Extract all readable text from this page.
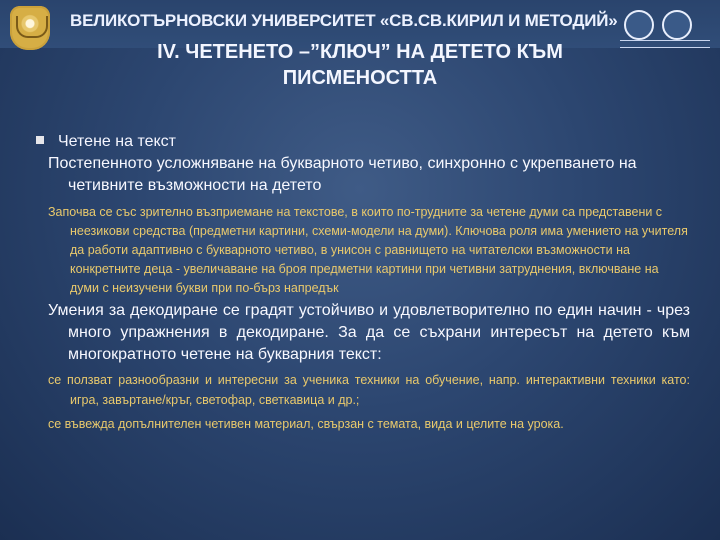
ВЕЛИКОТЪРНОВСКИ УНИВЕРСИТЕТ «СВ.СВ.КИРИЛ И МЕТОДИЙ»
IV. ЧЕТЕНЕТО –”КЛЮЧ” НА ДЕТЕТО КЪМ
ПИСМЕНОСТТА

Четене на текст

Постепенното усложняване на букварното четиво, синхронно с укрепването на четивните възможности на детето

Започва се със зрително възприемане на текстове, в които по-трудните за четене думи са представени с неезикови средства (предметни картини, схеми-модели на думи). Ключова роля има умението на учителя да работи адаптивно с букварното четиво, в унисон с равнището на читателски възможности на конкретните деца - увеличаване на броя предметни картини при четивни затруднения, включване на думи с неизучени букви при по-бърз напредък

Умения за декодиране се градят устойчиво и удовлетворително по един начин - чрез много упражнения в декодиране. За да се съхрани интересът на детето към многократното четене на букварния текст:

се ползват разнообразни и интересни за ученика техники на обучение, напр. интерактивни техники като: игра, завъртане/кръг, светофар, светкавица и др.;

се въвежда допълнителен четивен материал, свързан с темата, вида и целите на урока.
